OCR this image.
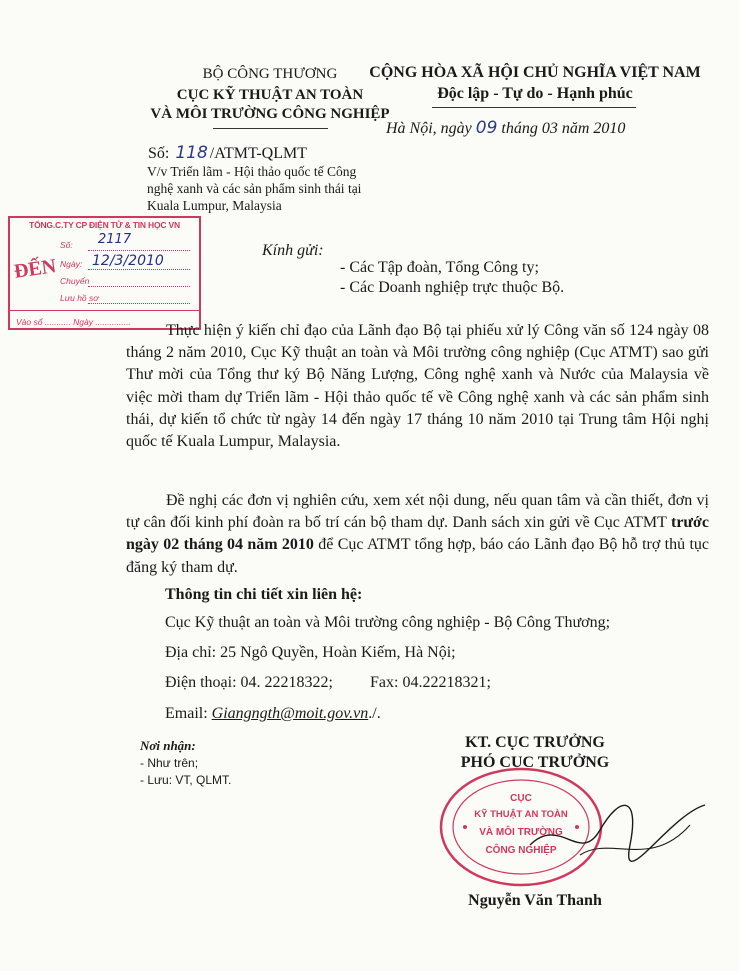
BỘ CÔNG THƯƠNG
CỤC KỸ THUẬT AN TOÀN
VÀ MÔI TRƯỜNG CÔNG NGHIỆP
CỘNG HÒA XÃ HỘI CHỦ NGHĨA VIỆT NAM
Độc lập - Tự do - Hạnh phúc
Hà Nội, ngày 09 tháng 03 năm 2010
Số: 118 /ATMT-QLMT
V/v Triển lãm - Hội thảo quốc tế Công nghệ xanh và các sản phẩm sinh thái tại Kuala Lumpur, Malaysia
TỔNG.C.TY CP ĐIỆN TỬ & TIN HỌC VN
ĐẾN
Số: 2117
Ngày: 12/3/2010
Chuyển
Lưu hồ sơ
Vào sổ ........... Ngày ...............
Kính gửi:
- Các Tập đoàn, Tổng Công ty;
- Các Doanh nghiệp trực thuộc Bộ.
Thực hiện ý kiến chỉ đạo của Lãnh đạo Bộ tại phiếu xử lý Công văn số 124 ngày 08 tháng 2 năm 2010, Cục Kỹ thuật an toàn và Môi trường công nghiệp (Cục ATMT) sao gửi Thư mời của Tổng thư ký Bộ Năng Lượng, Công nghệ xanh và Nước của Malaysia về việc mời tham dự Triển lãm - Hội thảo quốc tế về Công nghệ xanh và các sản phẩm sinh thái, dự kiến tổ chức từ ngày 14 đến ngày 17 tháng 10 năm 2010 tại Trung tâm Hội nghị quốc tế Kuala Lumpur, Malaysia.
Đề nghị các đơn vị nghiên cứu, xem xét nội dung, nếu quan tâm và cần thiết, đơn vị tự cân đối kinh phí đoàn ra bố trí cán bộ tham dự. Danh sách xin gửi về Cục ATMT trước ngày 02 tháng 04 năm 2010 để Cục ATMT tổng hợp, báo cáo Lãnh đạo Bộ hỗ trợ thủ tục đăng ký tham dự.
Thông tin chi tiết xin liên hệ:
Cục Kỹ thuật an toàn và Môi trường công nghiệp - Bộ Công Thương;
Địa chỉ: 25 Ngô Quyền, Hoàn Kiếm, Hà Nội;
Điện thoại: 04. 22218322; Fax: 04.22218321;
Email: Giangngth@moit.gov.vn./.
Nơi nhận:
- Như trên;
- Lưu: VT, QLMT.
KT. CỤC TRƯỞNG
PHÓ CỤC TRƯỞNG
CỤC
KỸ THUẬT AN TOÀN
VÀ MÔI TRƯỜNG
CÔNG NGHIỆP
Nguyễn Văn Thanh
